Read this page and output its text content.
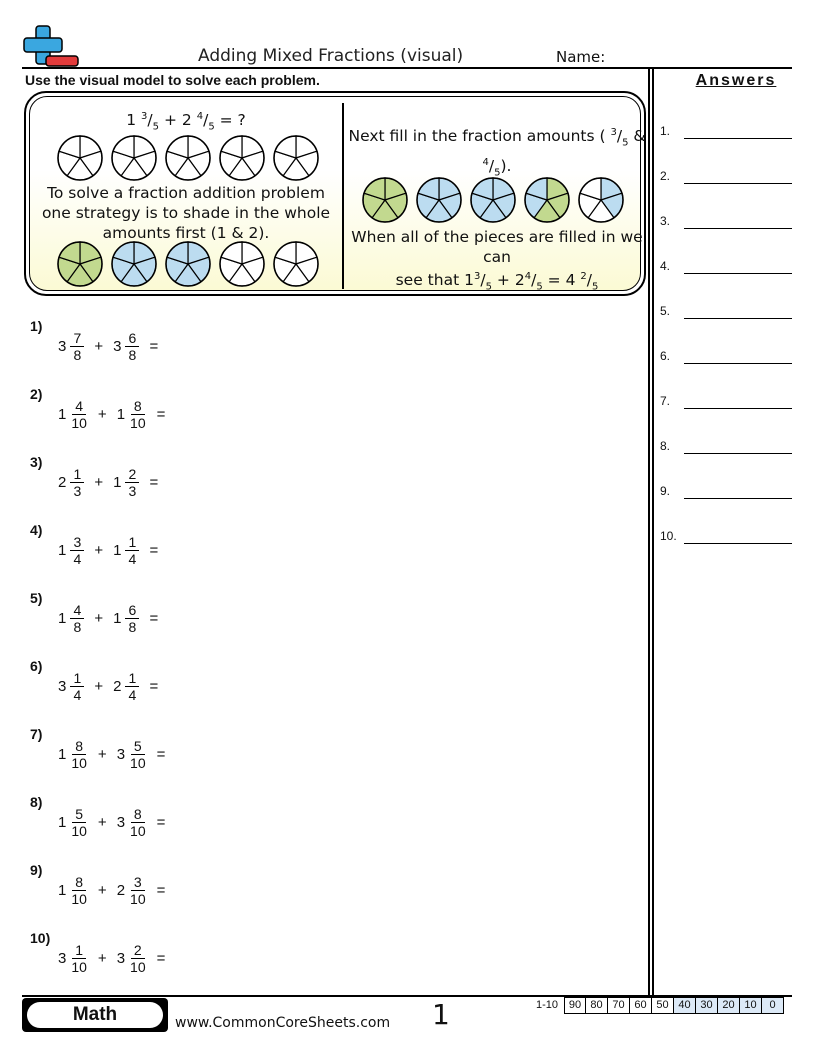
Adding Mixed Fractions (visual)	Name:
Use the visual model to solve each problem.	Answers
1 $^3/_5 + 2$ $^4/_5$ = ?
To solve a fraction addition problem one strategy is to shade in the whole amounts first (1 & 2).
Next fill in the fraction amounts ( $^3/_5$ &
$^4/_5$).
When all of the pieces are filled in we can
see that $1^3/_5 + 2^4/_5 = 4$ $^2/_5$
1)
$3 \frac{7}{8} + 3 \frac{6}{8}$ =
2)
$1 \frac{4}{10} + 1 \frac{8}{10}$ =
3)
$2 \frac{1}{3} + 1 \frac{2}{3}$ =
4)
$1 \frac{3}{4} + 1 \frac{1}{4}$ =
5)
$1 \frac{4}{8} + 1 \frac{6}{8}$ =
6)
$3 \frac{1}{4} + 2 \frac{1}{4}$ =
7)
$1 \frac{8}{10} + 3 \frac{5}{10}$ =
8)
$1 \frac{5}{10} + 3 \frac{8}{10}$ =
9)
$1 \frac{8}{10} + 2 \frac{3}{10}$ =
10)
$3 \frac{1}{10} + 3 \frac{2}{10}$ =
1.
2.
3.
4.
5.
6.
7.
8.
9.
10.
Math	www.CommonCoreSheets.com 1	1-10 90 80 70 60 50 40 30 20 10	0
